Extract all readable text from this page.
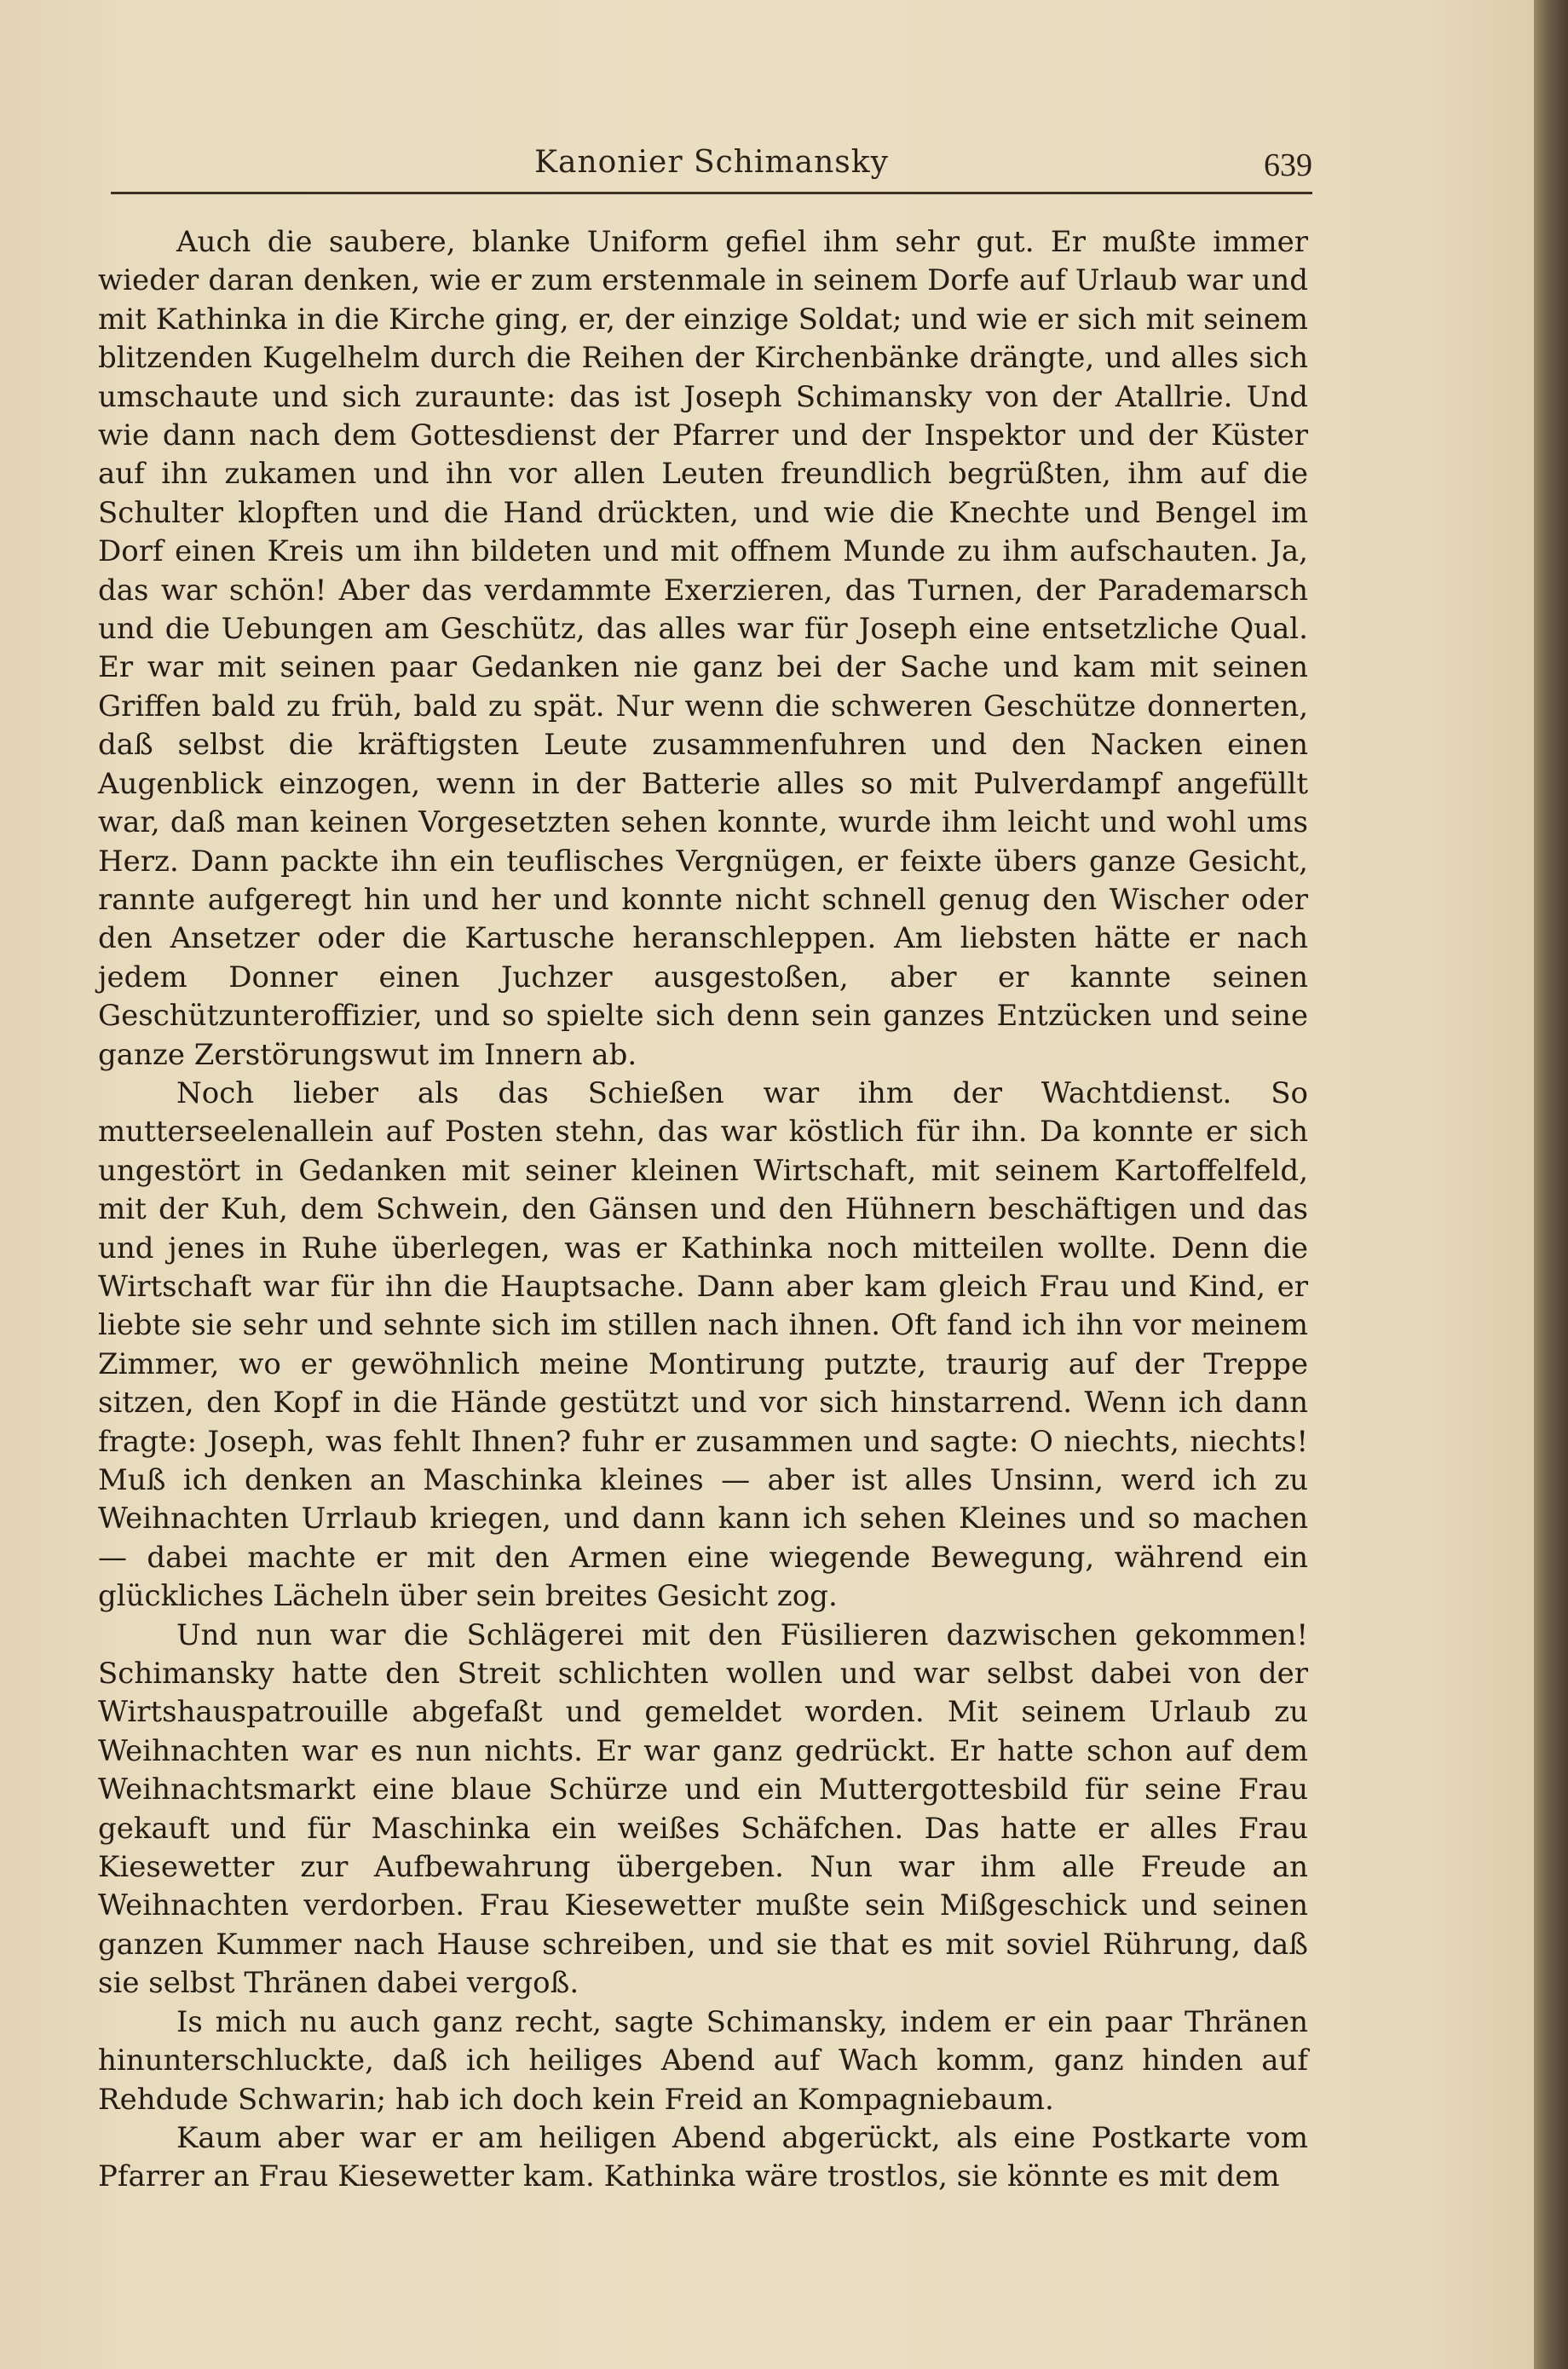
Kanonier Schimansky	639

Auch die saubere, blanke Uniform gefiel ihm sehr gut. Er mußte immer wieder daran denken, wie er zum erstenmale in seinem Dorfe auf Urlaub war und mit Kathinka in die Kirche ging, er, der einzige Soldat; und wie er sich mit seinem blitzenden Kugelhelm durch die Reihen der Kirchenbänke drängte, und alles sich umschaute und sich zuraunte: das ist Joseph Schimansky von der Atallrie. Und wie dann nach dem Gottesdienst der Pfarrer und der Inspektor und der Küster auf ihn zukamen und ihn vor allen Leuten freundlich begrüßten, ihm auf die Schulter klopften und die Hand drückten, und wie die Knechte und Bengel im Dorf einen Kreis um ihn bildeten und mit offnem Munde zu ihm aufschauten. Ja, das war schön! Aber das verdammte Exerzieren, das Turnen, der Parademarsch und die Uebungen am Geschütz, das alles war für Joseph eine entsetzliche Qual. Er war mit seinen paar Gedanken nie ganz bei der Sache und kam mit seinen Griffen bald zu früh, bald zu spät. Nur wenn die schweren Geschütze donnerten, daß selbst die kräftigsten Leute zusammenfuhren und den Nacken einen Augenblick einzogen, wenn in der Batterie alles so mit Pulverdampf angefüllt war, daß man keinen Vorgesetzten sehen konnte, wurde ihm leicht und wohl ums Herz. Dann packte ihn ein teuflisches Vergnügen, er feixte übers ganze Gesicht, rannte aufgeregt hin und her und konnte nicht schnell genug den Wischer oder den Ansetzer oder die Kartusche heranschleppen. Am liebsten hätte er nach jedem Donner einen Juchzer ausgestoßen, aber er kannte seinen Geschützunteroffizier, und so spielte sich denn sein ganzes Entzücken und seine ganze Zerstörungswut im Innern ab.

Noch lieber als das Schießen war ihm der Wachtdienst. So mutterseelenallein auf Posten stehn, das war köstlich für ihn. Da konnte er sich ungestört in Gedanken mit seiner kleinen Wirtschaft, mit seinem Kartoffelfeld, mit der Kuh, dem Schwein, den Gänsen und den Hühnern beschäftigen und das und jenes in Ruhe überlegen, was er Kathinka noch mitteilen wollte. Denn die Wirtschaft war für ihn die Hauptsache. Dann aber kam gleich Frau und Kind, er liebte sie sehr und sehnte sich im stillen nach ihnen. Oft fand ich ihn vor meinem Zimmer, wo er gewöhnlich meine Montirung putzte, traurig auf der Treppe sitzen, den Kopf in die Hände gestützt und vor sich hinstarrend. Wenn ich dann fragte: Joseph, was fehlt Ihnen? fuhr er zusammen und sagte: O niechts, niechts! Muß ich denken an Maschinka kleines — aber ist alles Unsinn, werd ich zu Weihnachten Urrlaub kriegen, und dann kann ich sehen Kleines und so machen — dabei machte er mit den Armen eine wiegende Bewegung, während ein glückliches Lächeln über sein breites Gesicht zog.

Und nun war die Schlägerei mit den Füsilieren dazwischen gekommen! Schimansky hatte den Streit schlichten wollen und war selbst dabei von der Wirtshauspatrouille abgefaßt und gemeldet worden. Mit seinem Urlaub zu Weihnachten war es nun nichts. Er war ganz gedrückt. Er hatte schon auf dem Weihnachtsmarkt eine blaue Schürze und ein Muttergottesbild für seine Frau gekauft und für Maschinka ein weißes Schäfchen. Das hatte er alles Frau Kiesewetter zur Aufbewahrung übergeben. Nun war ihm alle Freude an Weihnachten verdorben. Frau Kiesewetter mußte sein Mißgeschick und seinen ganzen Kummer nach Hause schreiben, und sie that es mit soviel Rührung, daß sie selbst Thränen dabei vergoß.

Is mich nu auch ganz recht, sagte Schimansky, indem er ein paar Thränen hinunterschluckte, daß ich heiliges Abend auf Wach komm, ganz hinden auf Rehdude Schwarin; hab ich doch kein Freid an Kompagniebaum.

Kaum aber war er am heiligen Abend abgerückt, als eine Postkarte vom Pfarrer an Frau Kiesewetter kam. Kathinka wäre trostlos, sie könnte es mit dem
